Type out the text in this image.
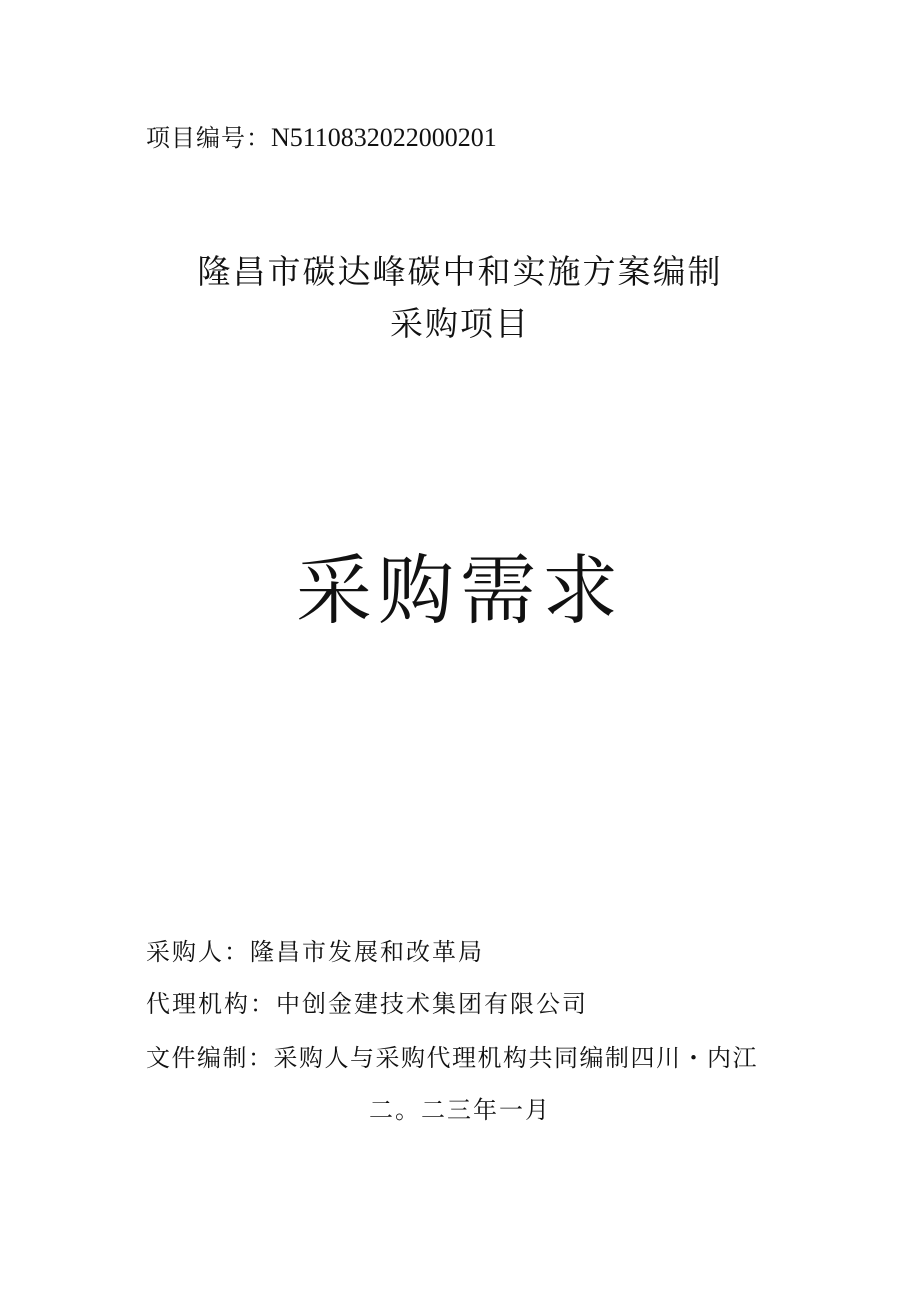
项目编号：N5110832022000201
隆昌市碳达峰碳中和实施方案编制
采购项目
采购需求
采购人：隆昌市发展和改革局
代理机构：中创金建技术集团有限公司
文件编制：采购人与采购代理机构共同编制四川・内江
二。二三年一月
